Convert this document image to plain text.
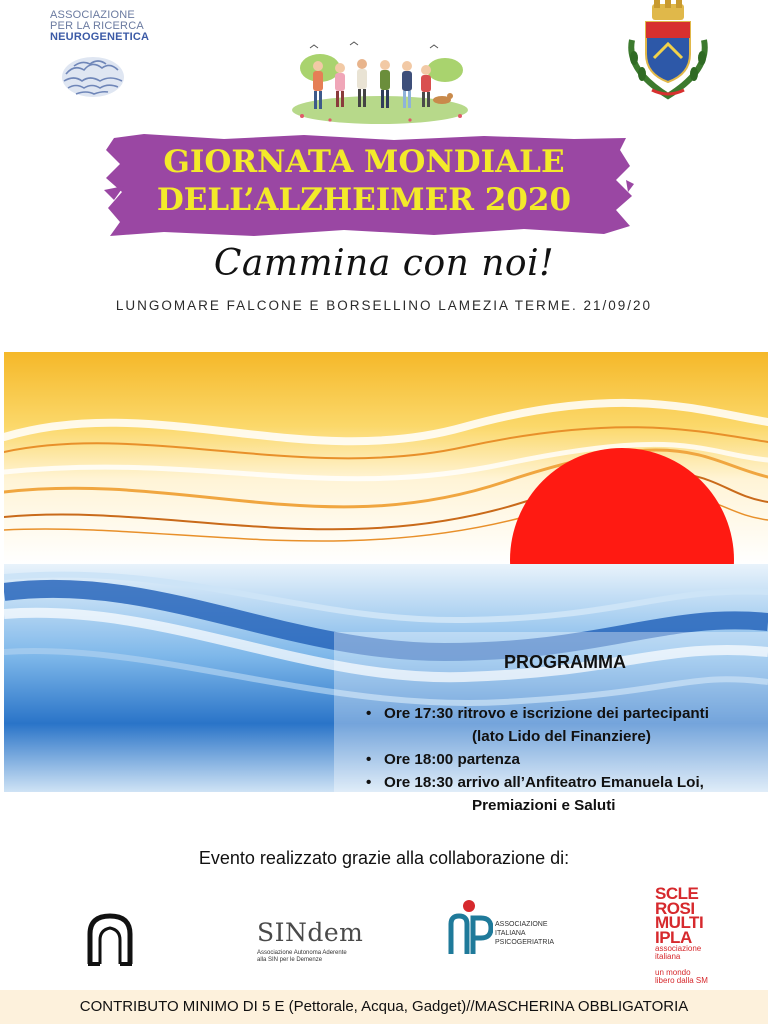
ASSOCIAZIONE
PER LA RICERCA
NEUROGENETICA
GIORNATA MONDIALE
DELL’ALZHEIMER 2020
Cammina con noi!
LUNGOMARE FALCONE E BORSELLINO LAMEZIA TERME. 21/09/20
PROGRAMMA
• Ore 17:30 ritrovo e iscrizione dei partecipanti
(lato Lido del Finanziere)
• Ore 18:00 partenza
• Ore 18:30 arrivo all’Anfiteatro Emanuela Loi,
Premiazioni e Saluti
Evento realizzato grazie alla collaborazione di:
SINdem
Associazione Autonoma Aderente
alla SIN per le Demenze
ASSOCIAZIONE
ITALIANA
PSICOGERIATRIA
SCLE
ROSI
MULTI
IPLA
associazione
italiana
un mondo
libero dalla SM
CONTRIBUTO MINIMO DI 5 E (Pettorale, Acqua, Gadget)//MASCHERINA OBBLIGATORIA
